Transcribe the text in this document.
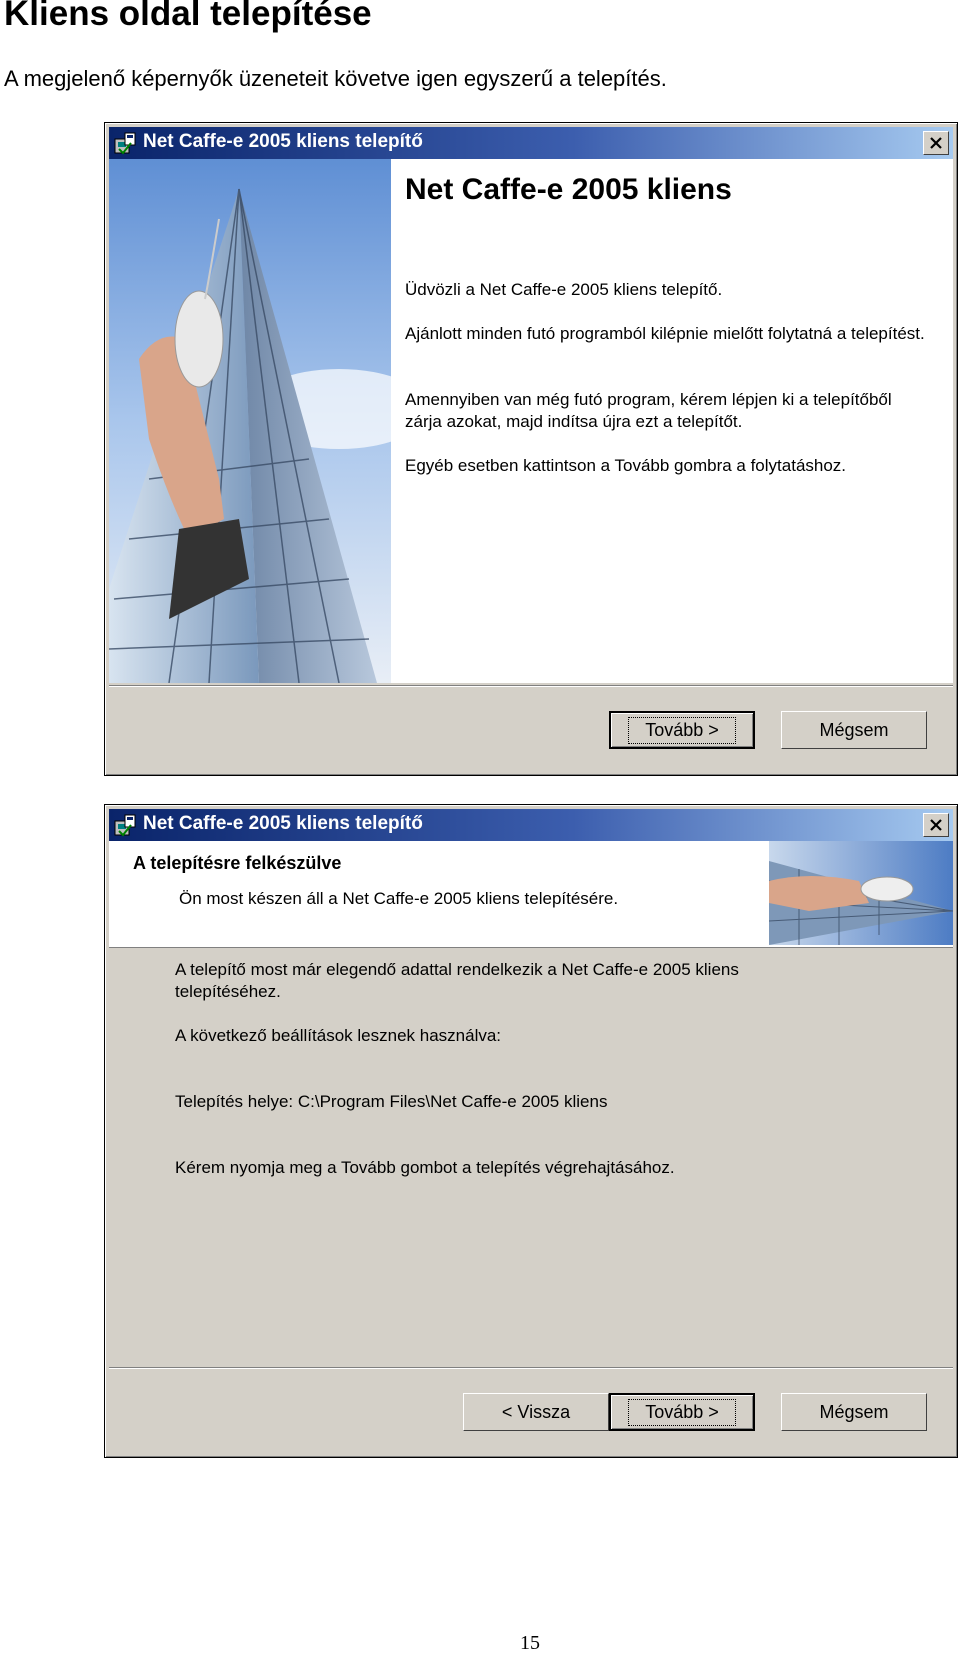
Kliens oldal telepítése
A megjelenő képernyők üzeneteit követve igen egyszerű a telepítés.
Net Caffe-e 2005 kliens telepítő
Net Caffe-e 2005 kliens
Üdvözli a Net Caffe-e 2005 kliens telepítő.
Ajánlott minden futó programból kilépnie mielőtt folytatná a telepítést.
Amennyiben van még futó program, kérem lépjen ki a telepítőből zárja azokat, majd indítsa újra ezt a telepítőt.
Egyéb esetben kattintson a Tovább gombra a folytatáshoz.
Tovább >	Mégsem
Net Caffe-e 2005 kliens telepítő
A telepítésre felkészülve
Ön most készen áll a Net Caffe-e 2005 kliens telepítésére.
A telepítő most már elegendő adattal rendelkezik a Net Caffe-e 2005 kliens telepítéséhez.
A következő beállítások lesznek használva:
Telepítés helye: C:\Program Files\Net Caffe-e 2005 kliens
Kérem nyomja meg a Tovább gombot a telepítés végrehajtásához.
< Vissza	Tovább >	Mégsem
15
